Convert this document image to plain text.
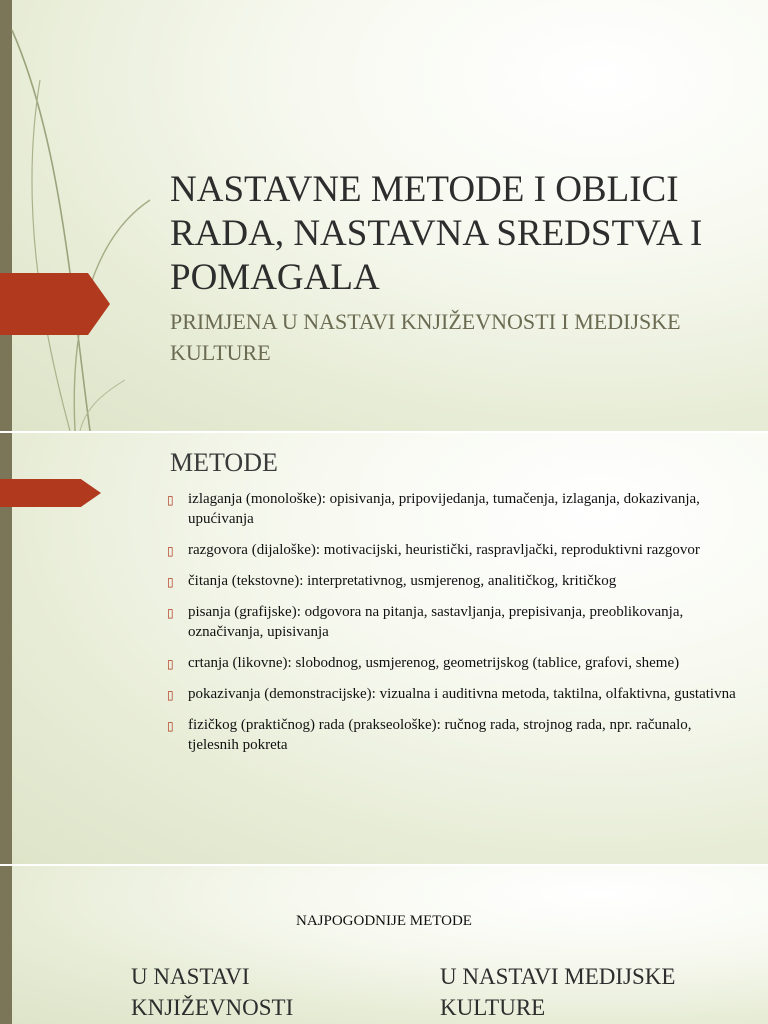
NASTAVNE METODE I OBLICI RADA, NASTAVNA SREDSTVA I POMAGALA
PRIMJENA U NASTAVI KNJIŽEVNOSTI I MEDIJSKE KULTURE
METODE
▯ izlaganja (monološke): opisivanja, pripovijedanja, tumačenja, izlaganja, dokazivanja, upućivanja
▯ razgovora (dijaloške): motivacijski, heuristički, raspravljački, reproduktivni razgovor
▯ čitanja (tekstovne): interpretativnog, usmjerenog, analitičkog, kritičkog
▯ pisanja (grafijske): odgovora na pitanja, sastavljanja, prepisivanja, preoblikovanja, označivanja, upisivanja
▯ crtanja (likovne): slobodnog, usmjerenog, geometrijskog (tablice, grafovi, sheme)
▯ pokazivanja (demonstracijske): vizualna i auditivna metoda, taktilna, olfaktivna, gustativna
▯ fizičkog (praktičnog) rada (prakseološke): ručnog rada, strojnog rada, npr. računalo, tjelesnih pokreta
NAJPOGODNIJE METODE
U NASTAVI KNJIŽEVNOSTI
U NASTAVI MEDIJSKE KULTURE
